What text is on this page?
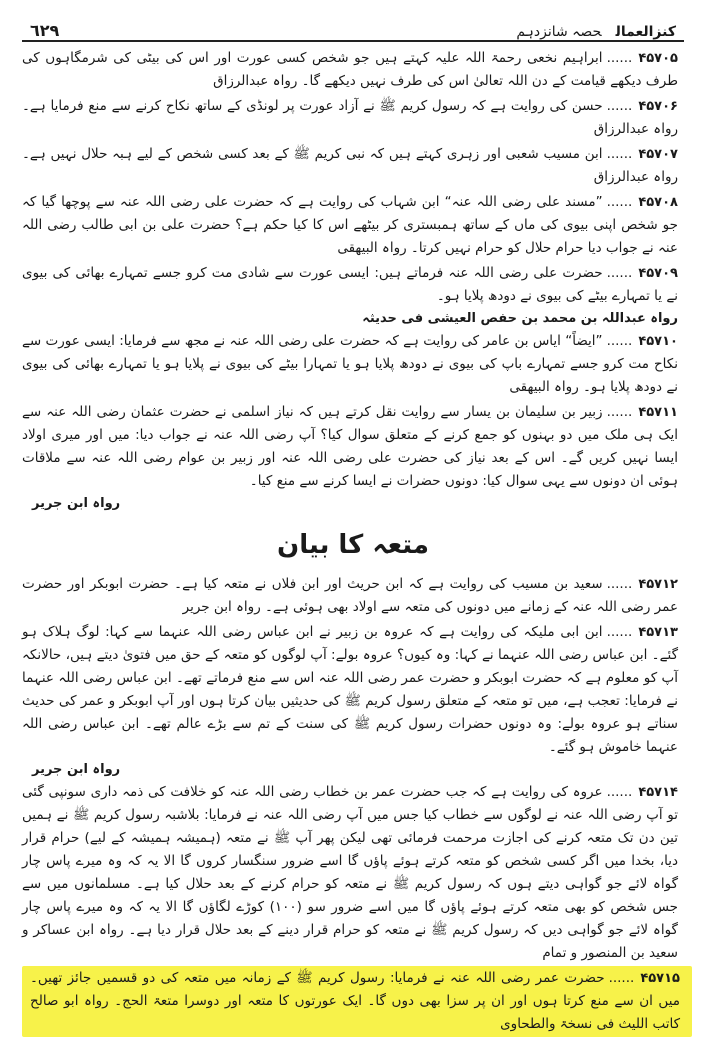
٦٢٩	کنزالعمالحصہ شانزدہم
۴۵۷۰۵......ابراہیم نخعی رحمۃ اللہ علیہ کہتے ہیں جو شخص کسی عورت اور اس کی بیٹی کی شرمگاہوں کی طرف دیکھے قیامت کے دن اللہ تعالیٰ اس کی طرف نہیں دیکھے گا۔ رواہ عبدالرزاق
۴۵۷۰۶......حسن کی روایت ہے کہ رسول کریم ﷺ نے آزاد عورت پر لونڈی کے ساتھ نکاح کرنے سے منع فرمایا ہے۔ رواہ عبدالرزاق
۴۵۷۰۷......ابن مسیب شعبی اور زہری کہتے ہیں کہ نبی کریم ﷺ کے بعد کسی شخص کے لیے ہبہ حلال نہیں ہے۔ رواہ عبدالرزاق
۴۵۷۰۸......”مسند علی رضی اللہ عنہ“ ابن شہاب کی روایت ہے کہ حضرت علی رضی اللہ عنہ سے پوچھا گیا کہ جو شخص اپنی بیوی کی ماں کے ساتھ ہمبستری کر بیٹھے اس کا کیا حکم ہے؟ حضرت علی بن ابی طالب رضی اللہ عنہ نے جواب دیا حرام حلال کو حرام نہیں کرتا۔ رواہ البیھقی
۴۵۷۰۹......حضرت علی رضی اللہ عنہ فرماتے ہیں: ایسی عورت سے شادی مت کرو جسے تمہارے بھائی کی بیوی نے یا تمہارے بیٹے کی بیوی نے دودھ پلایا ہو۔
رواہ عبداللہ بن محمد بن حفص العیشی فی حدیثہ
۴۵۷۱۰......”ایضاً“ ایاس بن عامر کی روایت ہے کہ حضرت علی رضی اللہ عنہ نے مجھ سے فرمایا: ایسی عورت سے نکاح مت کرو جسے تمہارے باپ کی بیوی نے دودھ پلایا ہو یا تمہارا بیٹے کی بیوی نے پلایا ہو یا تمہارے بھائی کی بیوی نے دودھ پلایا ہو۔ رواہ البیھقی
۴۵۷۱۱......زبیر بن سلیمان بن یسار سے روایت نقل کرتے ہیں کہ نیاز اسلمی نے حضرت عثمان رضی اللہ عنہ سے ایک ہی ملک میں دو بہنوں کو جمع کرنے کے متعلق سوال کیا؟ آپ رضی اللہ عنہ نے جواب دیا: میں اور میری اولاد ایسا نہیں کریں گے۔ اس کے بعد نیاز کی حضرت علی رضی اللہ عنہ اور زبیر بن عوام رضی اللہ عنہ سے ملاقات ہوئی ان دونوں سے یہی سوال کیا: دونوں حضرات نے ایسا کرنے سے منع کیا۔
رواہ ابن جریر
متعہ کا بیان
۴۵۷۱۲......سعید بن مسیب کی روایت ہے کہ ابن حریث اور ابن فلاں نے متعہ کیا ہے۔ حضرت ابوبکر اور حضرت عمر رضی اللہ عنہ کے زمانے میں دونوں کی متعہ سے اولاد بھی ہوئی ہے۔ رواہ ابن جریر
۴۵۷۱۳......ابن ابی ملیکہ کی روایت ہے کہ عروہ بن زبیر نے ابن عباس رضی اللہ عنہما سے کہا: لوگ ہلاک ہو گئے۔ ابن عباس رضی اللہ عنہما نے کہا: وہ کیوں؟ عروہ بولے: آپ لوگوں کو متعہ کے حق میں فتویٰ دیتے ہیں، حالانکہ آپ کو معلوم ہے کہ حضرت ابوبکر و حضرت عمر رضی اللہ عنہ اس سے منع فرماتے تھے۔ ابن عباس رضی اللہ عنہما نے فرمایا: تعجب ہے، میں تو متعہ کے متعلق رسول کریم ﷺ کی حدیثیں بیان کرتا ہوں اور آپ ابوبکر و عمر کی حدیث سناتے ہو عروہ بولے: وہ دونوں حضرات رسول کریم ﷺ کی سنت کے تم سے بڑے عالم تھے۔ ابن عباس رضی اللہ عنہما خاموش ہو گئے۔
رواہ ابن جریر
۴۵۷۱۴......عروہ کی روایت ہے کہ جب حضرت عمر بن خطاب رضی اللہ عنہ کو خلافت کی ذمہ داری سونپی گئی تو آپ رضی اللہ عنہ نے لوگوں سے خطاب کیا جس میں آپ رضی اللہ عنہ نے فرمایا: بلاشبہ رسول کریم ﷺ نے ہمیں تین دن تک متعہ کرنے کی اجازت مرحمت فرمائی تھی لیکن پھر آپ ﷺ نے متعہ (ہمیشہ ہمیشہ کے لیے) حرام قرار دیا، بخدا میں اگر کسی شخص کو متعہ کرتے ہوئے پاؤں گا اسے ضرور سنگسار کروں گا الا یہ کہ وہ میرے پاس چار گواہ لائے جو گواہی دیتے ہوں کہ رسول کریم ﷺ نے متعہ کو حرام کرنے کے بعد حلال کیا ہے۔ مسلمانوں میں سے جس شخص کو بھی متعہ کرتے ہوئے پاؤں گا میں اسے ضرور سو (۱۰۰) کوڑے لگاؤں گا الا یہ کہ وہ میرے پاس چار گواہ لائے جو گواہی دیں کہ رسول کریم ﷺ نے متعہ کو حرام قرار دینے کے بعد حلال قرار دیا ہے۔ رواہ ابن عساکر و سعید بن المنصور و تمام
۴۵۷۱۵......حضرت عمر رضی اللہ عنہ نے فرمایا: رسول کریم ﷺ کے زمانہ میں متعہ کی دو قسمیں جائز تھیں۔ میں ان سے منع کرتا ہوں اور ان پر سزا بھی دوں گا۔ ایک عورتوں کا متعہ اور دوسرا متعۃ الحج۔ رواہ ابو صالح کاتب اللیث فی نسخۃ والطحاوی
